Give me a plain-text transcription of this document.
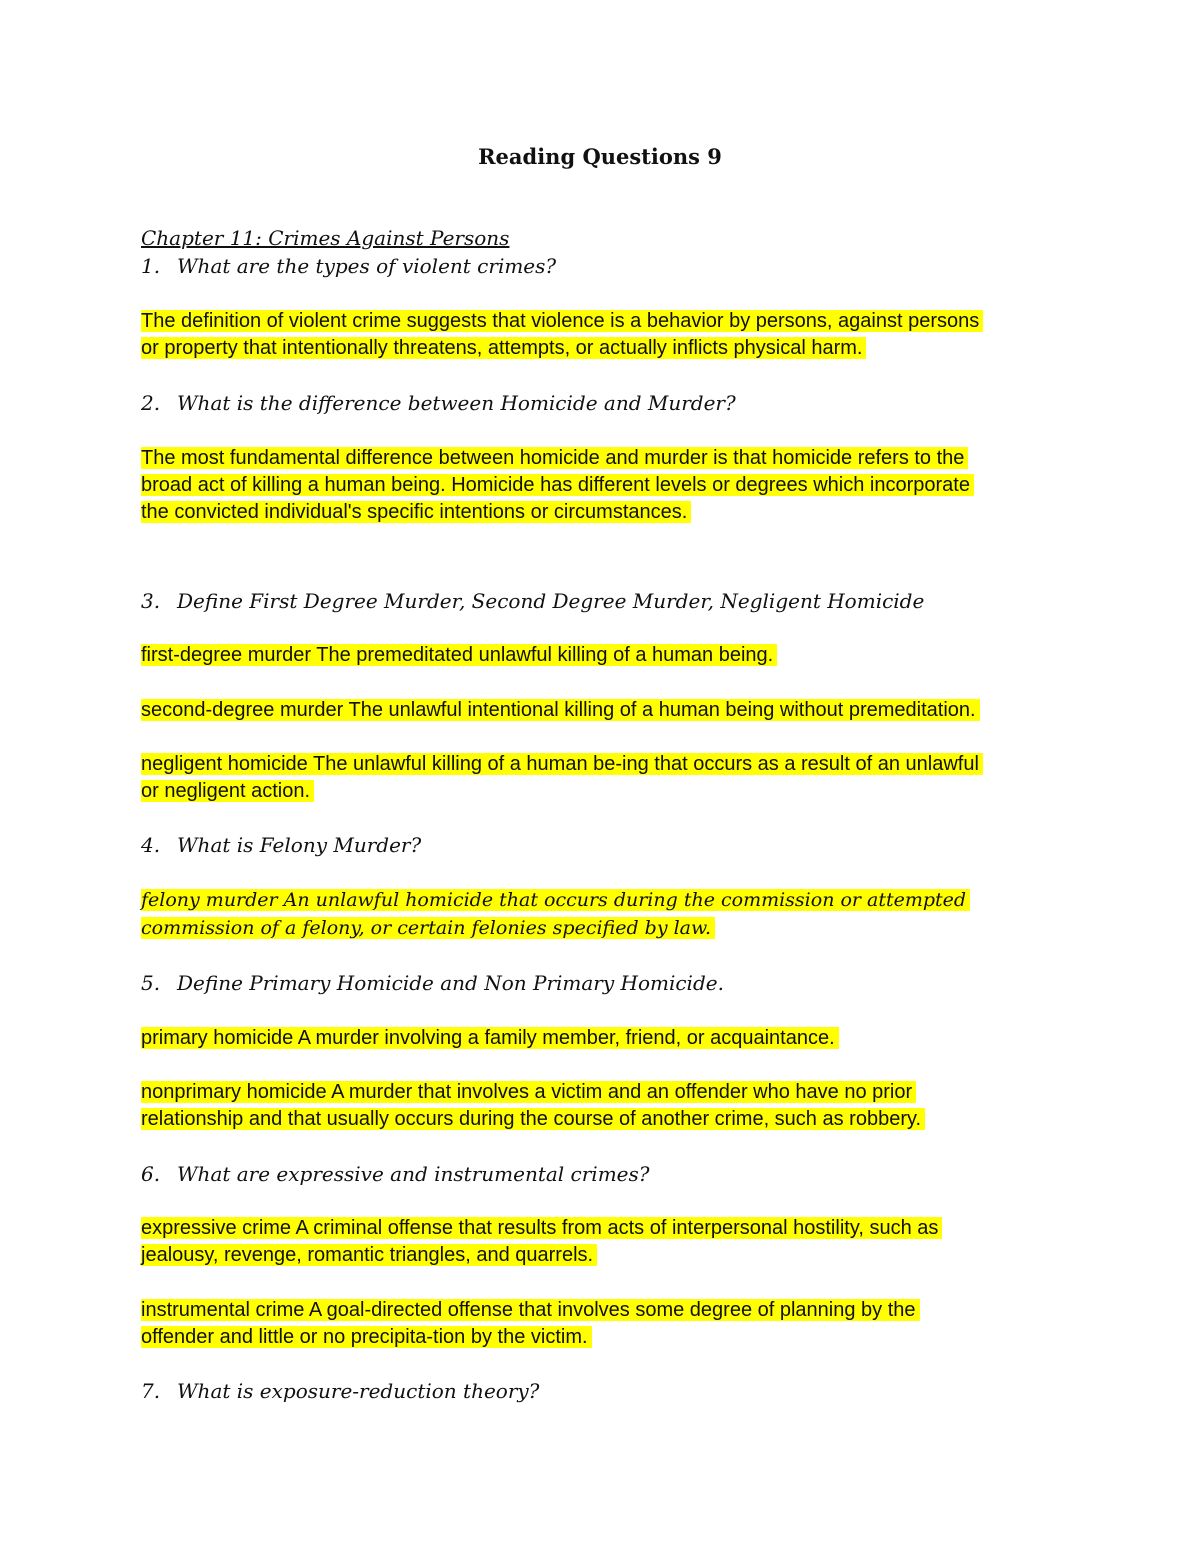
Reading Questions 9
Chapter 11: Crimes Against Persons
1. What are the types of violent crimes?
The definition of violent crime suggests that violence is a behavior by persons, against persons
or property that intentionally threatens, attempts, or actually inflicts physical harm.
2. What is the difference between Homicide and Murder?
The most fundamental difference between homicide and murder is that homicide refers to the
broad act of killing a human being. Homicide has different levels or degrees which incorporate
the convicted individual's specific intentions or circumstances.
3. Define First Degree Murder, Second Degree Murder, Negligent Homicide
first-degree murder The premeditated unlawful killing of a human being.
second-degree murder The unlawful intentional killing of a human being without premeditation.
negligent homicide The unlawful killing of a human be-ing that occurs as a result of an unlawful
or negligent action.
4. What is Felony Murder?
felony murder An unlawful homicide that occurs during the commission or attempted
commission of a felony, or certain felonies specified by law.
5. Define Primary Homicide and Non Primary Homicide.
primary homicide A murder involving a family member, friend, or acquaintance.
nonprimary homicide A murder that involves a victim and an offender who have no prior
relationship and that usually occurs during the course of another crime, such as robbery.
6. What are expressive and instrumental crimes?
expressive crime A criminal offense that results from acts of interpersonal hostility, such as
jealousy, revenge, romantic triangles, and quarrels.
instrumental crime A goal-directed offense that involves some degree of planning by the
offender and little or no precipita-tion by the victim.
7. What is exposure-reduction theory?
